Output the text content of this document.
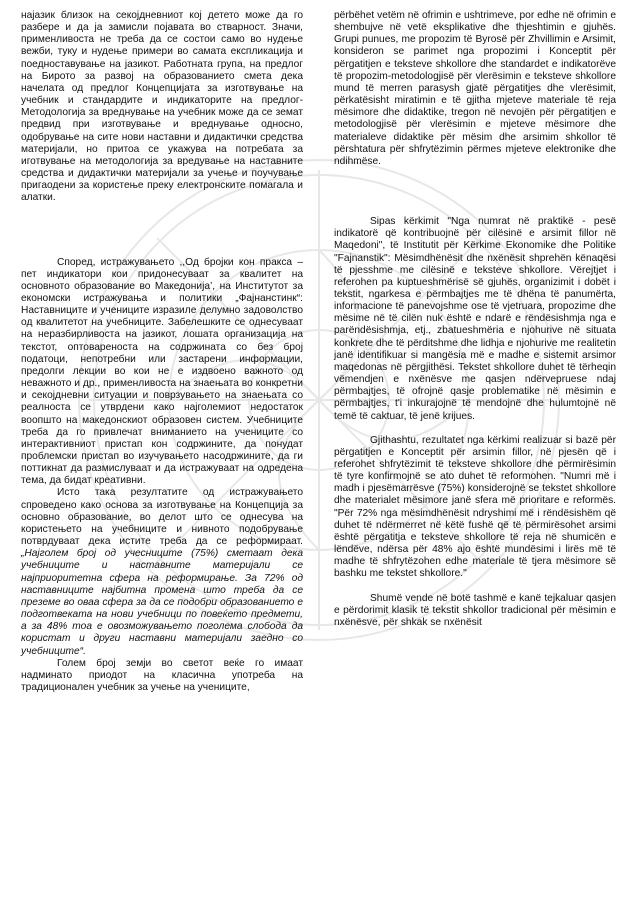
најазик близок на секојдневниот кој детето може да го разбере и да ја замисли појавата во стварност. Значи, применливоста не треба да се состои само во нудење вежби, туку и нудење примери во самата експликација и поедноставување на јазикот. Работната група, на предлог на Бирото за развој на образованието смета дека начелата од предлог Концепцијата за изготвување на учебник и стандардите и индикаторите на предлог-Методологија за вреднување на учебник може да се земат предвид при изготвување и вреднување односно, одобрување на сите нови наставни и дидактички средства материјали, но притоа се укажува на потребата за иготвување на методологија за вредување на наставните средства и дидактички материјали за учење и поучување пригаодени за користење преку електронските помагала и алатки.

Според, истражувањето ,,Од бројки кон пракса – пет индикатори кои придонесуваат за квалитет на основното образование во Македонија’, на Институтот за економски истражувања и политики „Фајнанстинк“: Наставниците и учениците изразиле делумно задоволство од квалитетот на учебниците. Забелешките се однесуваат на неразбирливоста на јазикот, лошата организација на текстот, оптовареноста на содржината со без број податоци, непотребни или застарени информации, предолги лекции во кои не е издвоено важното од неважното и др., применливоста на знаењата во конкретни и секојдневни ситуации и поврзувањето на знаењата со реалноста се утврдени како најголемиот недостаток воопшто на македонскиот образовен систем. Учебниците треба да го привлечат вниманието на учениците со интерактивниот пристап кон содржините, да понудат проблемски пристап во изучувањето насодржините, да ги поттикнат да размислуваат и да истражуваат на одредена тема, да бидат креативни.

Исто така резултатите од истражувањето спроведено како основа за изготвување на Концепција за основно образование, во делот што се однесува на користењето на учебниците и нивното подобрување потврдуваат дека истите треба да се реформираат.„Најголем број од учесниците (75%) сметаат дека учебниците и наставните материјали се најприоритетна сфера на реформирање. За 72% од наставниците најбитна промена што треба да се преземе во оваа сфера за да се подобри образованието е подготвеката на нови учебници по повеќето предмети, а за 48% тоа е овозможувањето поголема слобода да користат и други наставни материјали заедно со учебниците“.

Голем број земји во светот веќе го имаат надминато приодот на класична употреба на традиционален учебник за учење на учениците,

përbëhet vetëm në ofrimin e ushtrimeve, por edhe në ofrimin e shembujve në vetë eksplikative dhe thjeshtimin e gjuhës. Grupi punues, me propozim të Byrosë për Zhvillimin e Arsimit, konsideron se parimet nga propozimi i Konceptit për përgatitjen e teksteve shkollore dhe standardet e indikatorëve të propozim-metodologjisë për vlerësimin e teksteve shkollore mund të merren parasysh gjatë përgatitjes dhe vlerësimit, përkatësisht miratimin e të gjitha mjeteve materiale të reja mësimore dhe didaktike, tregon në nevojën për përgatitjen e metodologjisë për vlerësimin e mjeteve mësimore dhe materialeve didaktike për mësim dhe arsimim shkollor të përshtatura për shfrytëzimin përmes mjeteve elektronike dhe ndihmëse.

Sipas kërkimit "Nga numrat në praktikë - pesë indikatorë që kontribuojnë për cilësinë e arsimit fillor në Maqedoni", të Institutit për Kërkime Ekonomike dhe Politike "Fajnanstik": Mësimdhënësit dhe nxënësit shprehën kënaqësi të pjesshme me cilësinë e teksteve shkollore. Vërejtjet i referohen pa kuptueshmërisë së gjuhës, organizimit i dobët i tekstit, ngarkesa e përmbajtjes me të dhëna të panumërta, informacione të panevojshme ose të vjetruara, propozime dhe mësime në të cilën nuk është e ndarë e rëndësishmja nga e parëndësishmja, etj., zbatueshmëria e njohurive në situata konkrete dhe të përditshme dhe lidhja e njohurive me realitetin janë identifikuar si mangësia më e madhe e sistemit arsimor maqedonas në përgjithësi. Tekstet shkollore duhet të tërheqin vëmendjen e nxënësve me qasjen ndërvepruese ndaj përmbajtjes, të ofrojnë qasje problematike në mësimin e përmbajtjes, t'i inkurajojnë të mendojnë dhe hulumtojnë në temë të caktuar, të jenë krijues.

Gjithashtu, rezultatet nga kërkimi realizuar si bazë për përgatitjen e Konceptit për arsimin fillor, në pjesën që i referohet shfrytëzimit të teksteve shkollore dhe përmirësimin të tyre konfirmojnë se ato duhet të reformohen. "Numri më i madh i pjesëmarrësve (75%) konsiderojnë se tekstet shkollore dhe materialet mësimore janë sfera më prioritare e reformës. "Për 72% nga mësimdhënësit ndryshimi më i rëndësishëm që duhet të ndërmerret në këtë fushë që të përmirësohet arsimi është përgatitja e teksteve shkollore të reja në shumicën e lëndëve, ndërsa për 48% ajo është mundësimi i lirës më të madhe të shfrytëzohen edhe materiale të tjera mësimore së bashku me tekstet shkollore."

Shumë vende në botë tashmë e kanë tejkaluar qasjen e përdorimit klasik të tekstit shkollor tradicional për mësimin e nxënësve, për shkak se nxënësit
